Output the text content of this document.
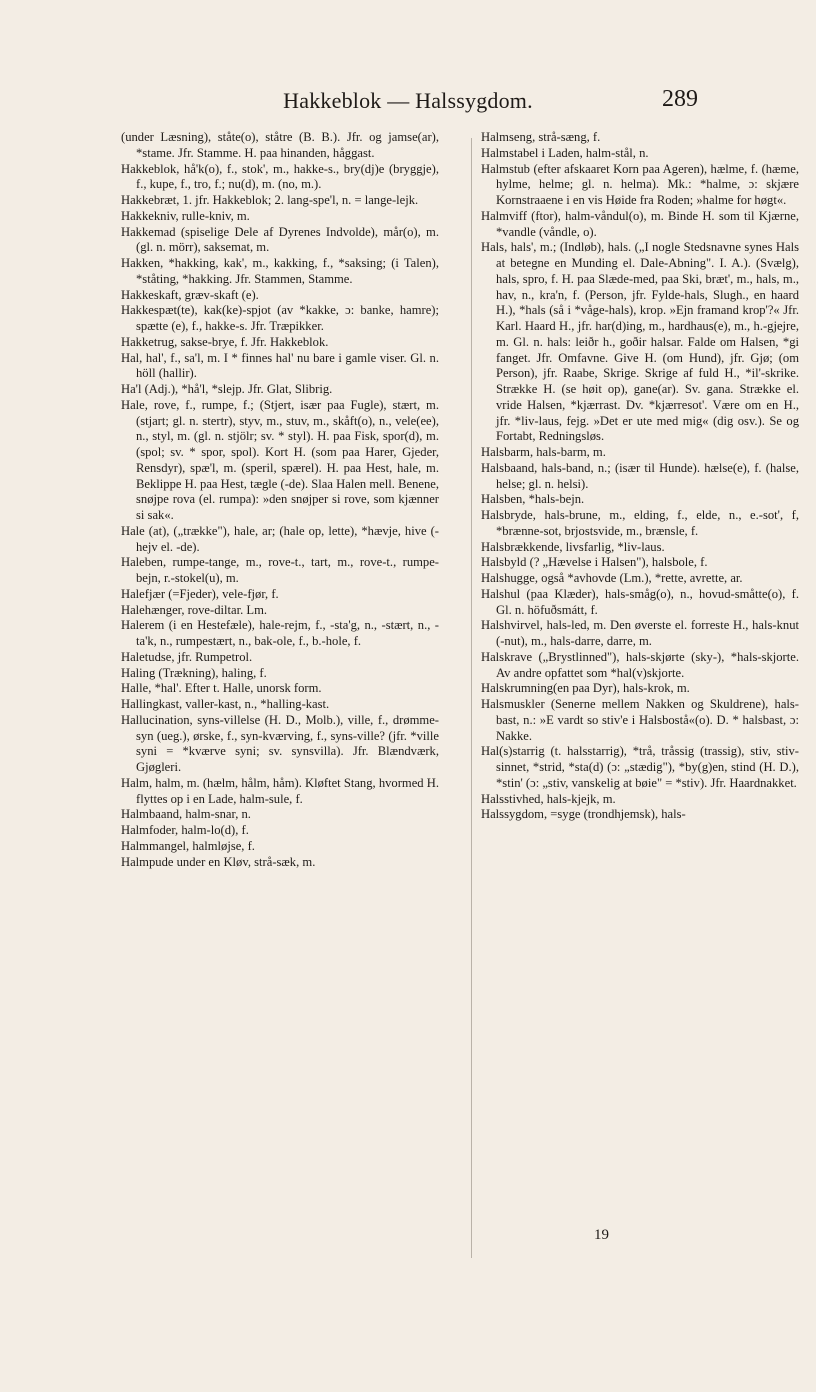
Hakkeblok — Halssygdom.	289

(under Læsning), ståte(o), ståtre (B. B.). Jfr. og jamse(ar), *stame. Jfr. Stamme. H. paa hinanden, håggast.

Hakkeblok, hå'k(o), f., stok', m., hakke-s., bry(dj)e (bryggje), f., kupe, f., tro, f.; nu(d), m. (no, m.).

Hakkebræt, 1. jfr. Hakkeblok; 2. lang-spe'l, n. = lange-lejk.

Hakkekniv, rulle-kniv, m.

Hakkemad (spiselige Dele af Dyrenes Indvolde), mår(o), m. (gl. n. mörr), saksemat, m.

Hakken, *hakking, kak', m., kakking, f., *saksing; (i Talen), *ståting, *hakking. Jfr. Stammen, Stamme.

Hakkeskaft, græv-skaft (e).

Hakkespæt(te), kak(ke)-spjot (av *kakke, ɔ: banke, hamre); spætte (e), f., hakke-s. Jfr. Træpikker.

Hakketrug, sakse-brye, f. Jfr. Hakkeblok.

Hal, hal', f., sa'l, m. I * finnes hal' nu bare i gamle viser. Gl. n. höll (hallir).

Ha'l (Adj.), *hå'l, *slejp. Jfr. Glat, Slibrig.

Hale, rove, f., rumpe, f.; (Stjert, især paa Fugle), stært, m. (stjart; gl. n. stertr), styv, m., stuv, m., skåft(o), n., vele(ee), n., styl, m. (gl. n. stjölr; sv. * styl). H. paa Fisk, spor(d), m. (spol; sv. * spor, spol). Kort H. (som paa Harer, Gjeder, Rensdyr), spæ'l, m. (speril, spærel). H. paa Hest, hale, m. Beklippe H. paa Hest, tægle (-de). Slaa Halen mell. Benene, snøjpe rova (el. rumpa): »den snøjper si rove, som kjænner si sak«.

Hale (at), („trække"), hale, ar; (hale op, lette), *hævje, hive (-hejv el. -de).

Haleben, rumpe-tange, m., rove-t., tart, m., rove-t., rumpe-bejn, r.-stokel(u), m.

Halefjær (=Fjeder), vele-fjør, f.

Halehænger, rove-diltar. Lm.

Halerem (i en Hestefæle), hale-rejm, f., -sta'g, n., -stært, n., -ta'k, n., rumpestært, n., bak-ole, f., b.-hole, f.

Haletudse, jfr. Rumpetrol.

Haling (Trækning), haling, f.

Halle, *hal'. Efter t. Halle, unorsk form.

Hallingkast, valler-kast, n., *halling-kast.

Hallucination, syns-villelse (H. D., Molb.), ville, f., drømme-syn (ueg.), ørske, f., syn-kværving, f., syns-ville? (jfr. *ville syni = *kværve syni; sv. synsvilla). Jfr. Blændværk, Gjøgleri.

Halm, halm, m. (hælm, hålm, håm). Kløftet Stang, hvormed H. flyttes op i en Lade, halm-sule, f.

Halmbaand, halm-snar, n.

Halmfoder, halm-lo(d), f.

Halmmangel, halmløjse, f.

Halmpude under en Kløv, strå-sæk, m.

Halmseng, strå-sæng, f.

Halmstabel i Laden, halm-stål, n.

Halmstub (efter afskaaret Korn paa Ageren), hælme, f. (hæme, hylme, helme; gl. n. helma). Mk.: *halme, ɔ: skjære Kornstraaene i en vis Høide fra Roden; »halme for høgt«.

Halmviff (ftor), halm-våndul(o), m. Binde H. som til Kjærne, *vandle (våndle, o).

Hals, hals', m.; (Indløb), hals. („I nogle Stedsnavne synes Hals at betegne en Munding el. Dale-Abning". I. A.). (Svælg), hals, spro, f. H. paa Slæde-med, paa Ski, bræt', m., hals, m., hav, n., kra'n, f. (Person, jfr. Fylde-hals, Slugh., en haard H.), *hals (så i *våge-hals), krop. »Ejn framand krop'?« Jfr. Karl. Haard H., jfr. har(d)ing, m., hardhaus(e), m., h.-gjejre, m. Gl. n. hals: leiðr h., goðir halsar. Falde om Halsen, *gi fanget. Jfr. Omfavne. Give H. (om Hund), jfr. Gjø; (om Person), jfr. Raabe, Skrige. Skrige af fuld H., *il'-skrike. Strække H. (se høit op), gane(ar). Sv. gana. Strække el. vride Halsen, *kjærrast. Dv. *kjærresot'. Være om en H., jfr. *liv-laus, fejg. »Det er ute med mig« (dig osv.). Se og Fortabt, Redningsløs.

Halsbarm, hals-barm, m.

Halsbaand, hals-band, n.; (især til Hunde). hælse(e), f. (halse, helse; gl. n. helsi).

Halsben, *hals-bejn.

Halsbryde, hals-brune, m., elding, f., elde, n., e.-sot', f, *brænne-sot, brjostsvide, m., brænsle, f.

Halsbrækkende, livsfarlig, *liv-laus.

Halsbyld (? „Hævelse i Halsen"), halsbole, f.

Halshugge, også *avhovde (Lm.), *rette, avrette, ar.

Halshul (paa Klæder), hals-småg(o), n., hovud-småtte(o), f. Gl. n. höfuðsmátt, f.

Halshvirvel, hals-led, m. Den øverste el. forreste H., hals-knut (-nut), m., hals-darre, darre, m.

Halskrave („Brystlinned"), hals-skjørte (sky-), *hals-skjorte. Av andre opfattet som *hal(v)skjorte.

Halskrumning(en paa Dyr), hals-krok, m.

Halsmuskler (Senerne mellem Nakken og Skuldrene), hals-bast, n.: »E vardt so stiv'e i Halsbostå«(o). D. * halsbast, ɔ: Nakke.

Hal(s)starrig (t. halsstarrig), *trå, tråssig (trassig), stiv, stiv-sinnet, *strid, *sta(d) (ɔ: „stædig"), *by(g)en, stind (H. D.), *stin' (ɔ: „stiv, vanskelig at bøie" = *stiv). Jfr. Haardnakket.

Halsstivhed, hals-kjejk, m.

Halssygdom, =syge (trondhjemsk), hals-

19
